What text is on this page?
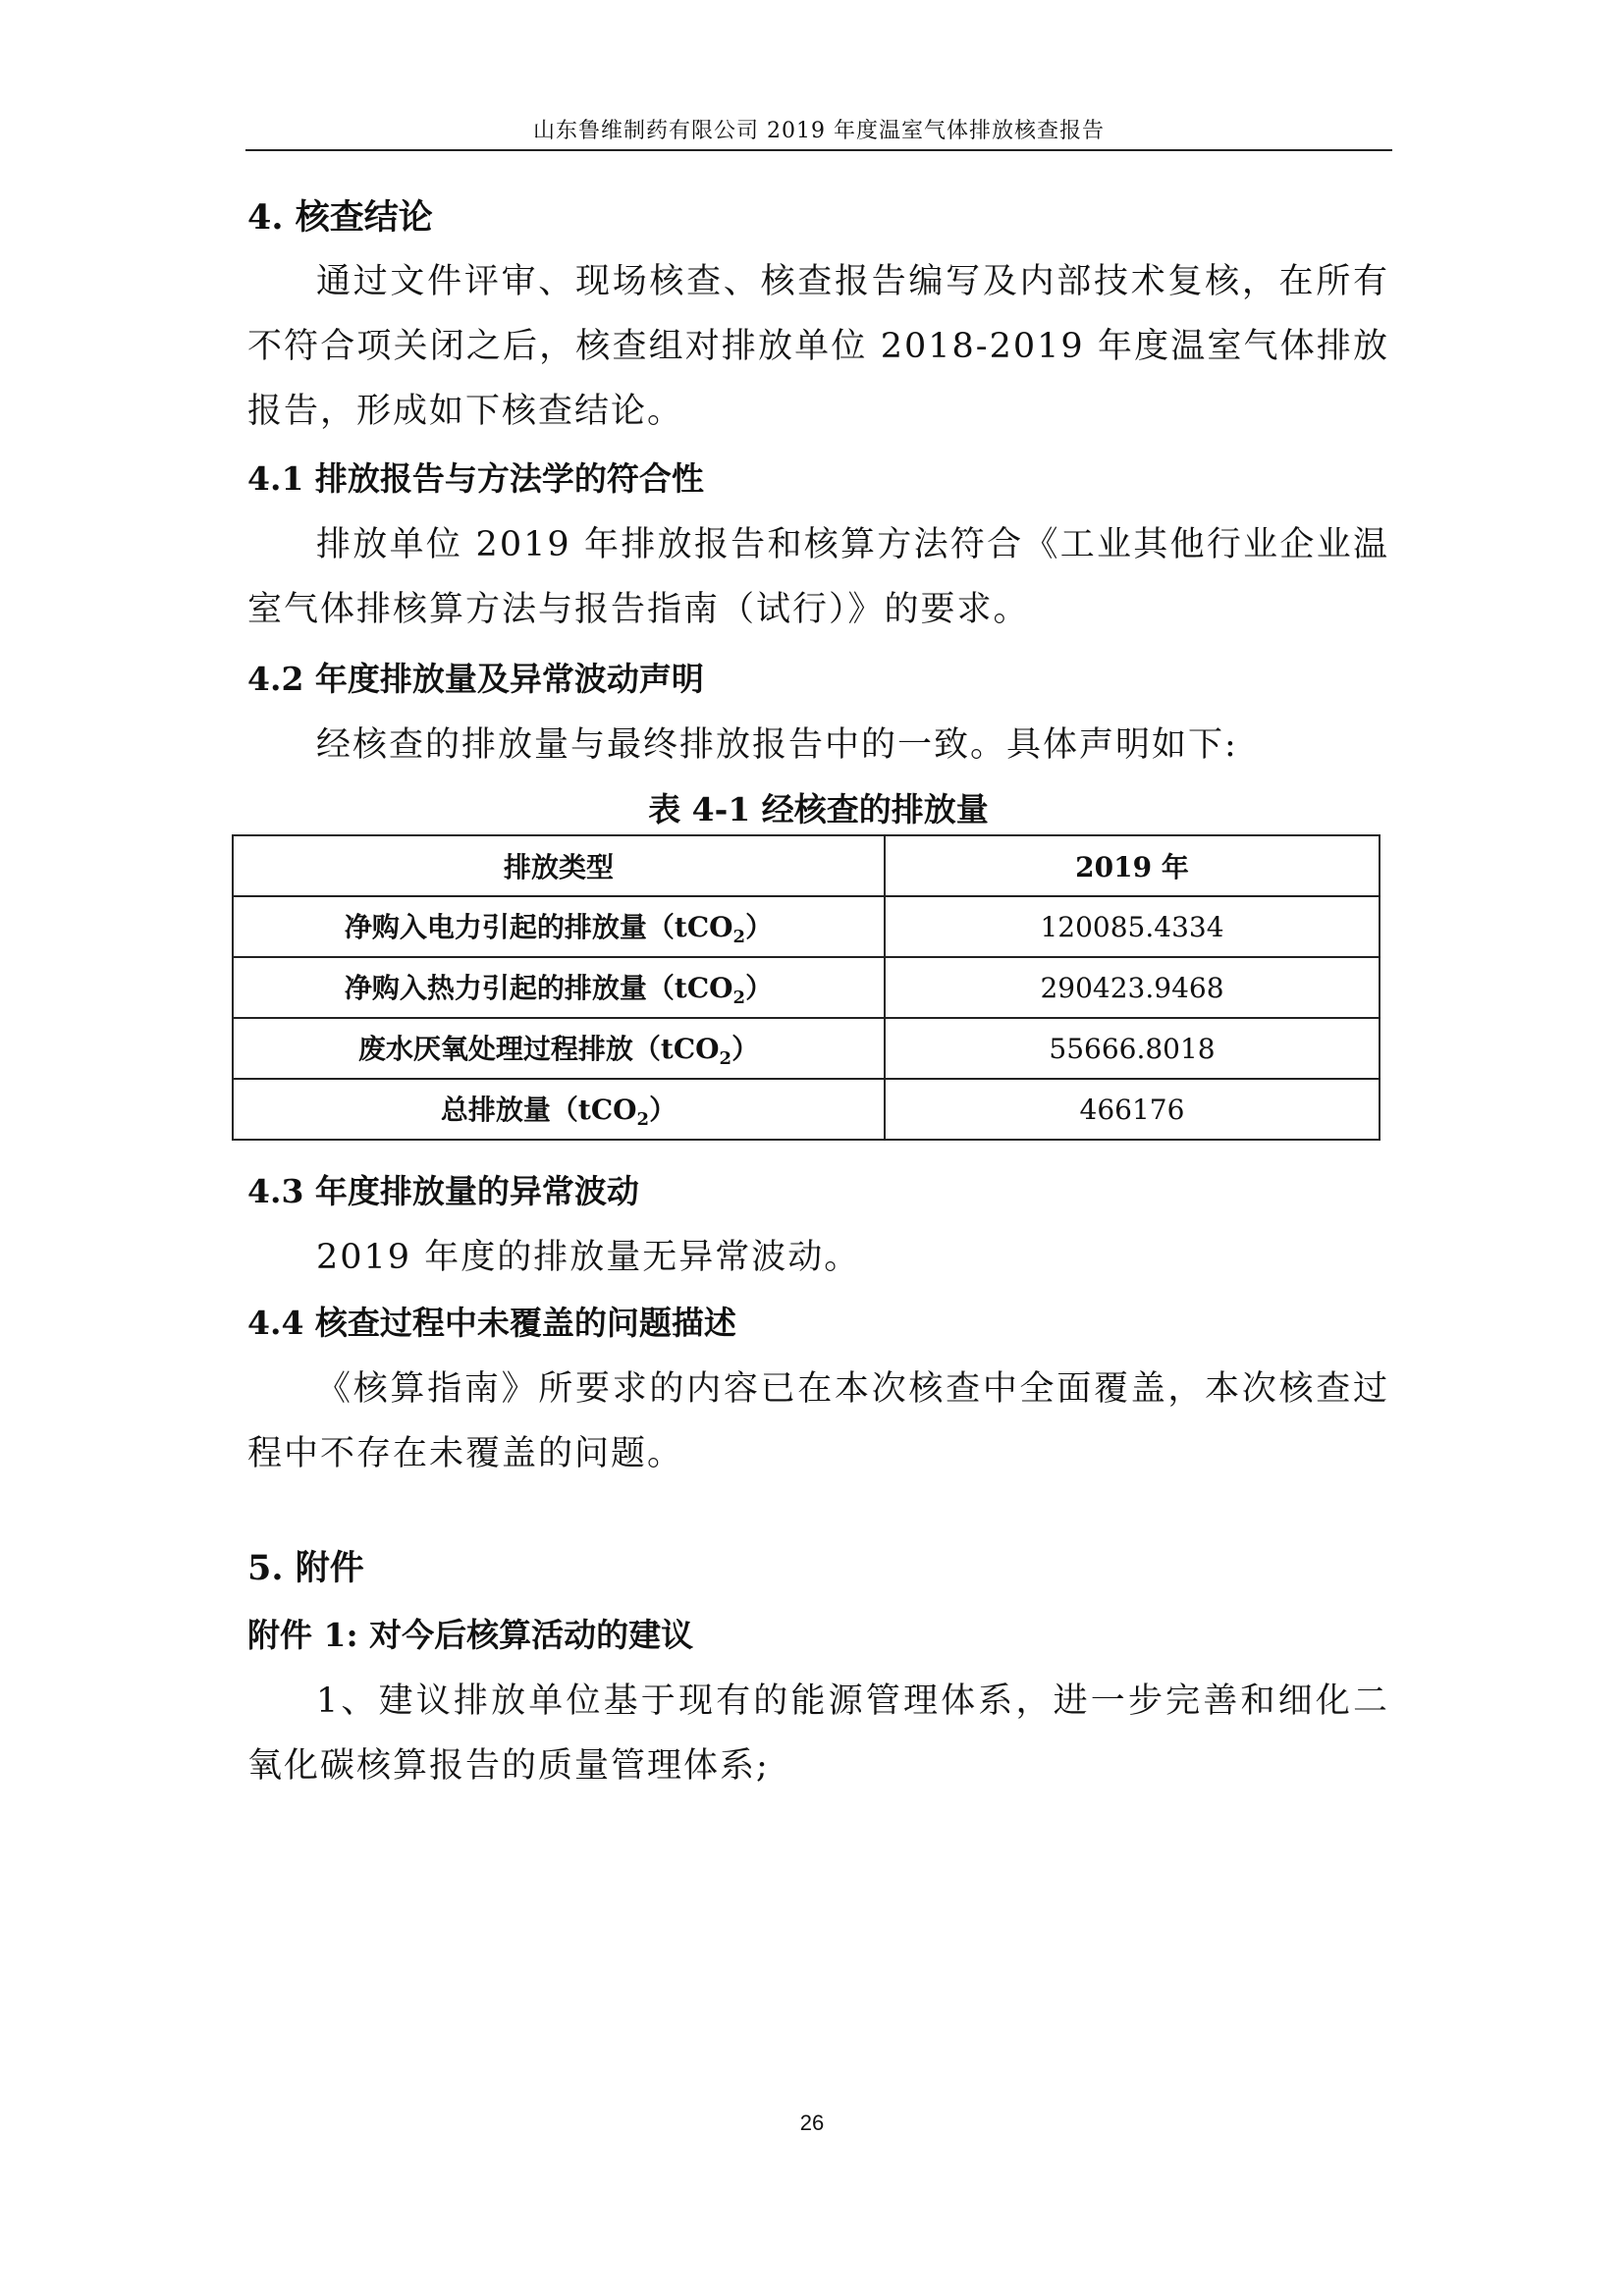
山东鲁维制药有限公司 2019 年度温室气体排放核查报告

4. 核查结论

通过文件评审、现场核查、核查报告编写及内部技术复核，在所有不符合项关闭之后，核查组对排放单位 2018-2019 年度温室气体排放报告，形成如下核查结论。

4.1 排放报告与方法学的符合性

排放单位 2019 年排放报告和核算方法符合《工业其他行业企业温室气体排核算方法与报告指南（试行）》的要求。

4.2 年度排放量及异常波动声明

经核查的排放量与最终排放报告中的一致。具体声明如下:

表 4-1 经核查的排放量

排放类型	2019 年
净购入电力引起的排放量（tCO$_2$）	120085.4334
净购入热力引起的排放量（tCO$_2$）	290423.9468
废水厌氧处理过程排放（tCO$_2$）	55666.8018
总排放量（tCO$_2$）	466176

4.3 年度排放量的异常波动

2019 年度的排放量无异常波动。

4.4 核查过程中未覆盖的问题描述

《核算指南》所要求的内容已在本次核查中全面覆盖，本次核查过程中不存在未覆盖的问题。

5. 附件

附件 1: 对今后核算活动的建议

1、建议排放单位基于现有的能源管理体系，进一步完善和细化二氧化碳核算报告的质量管理体系;

26
